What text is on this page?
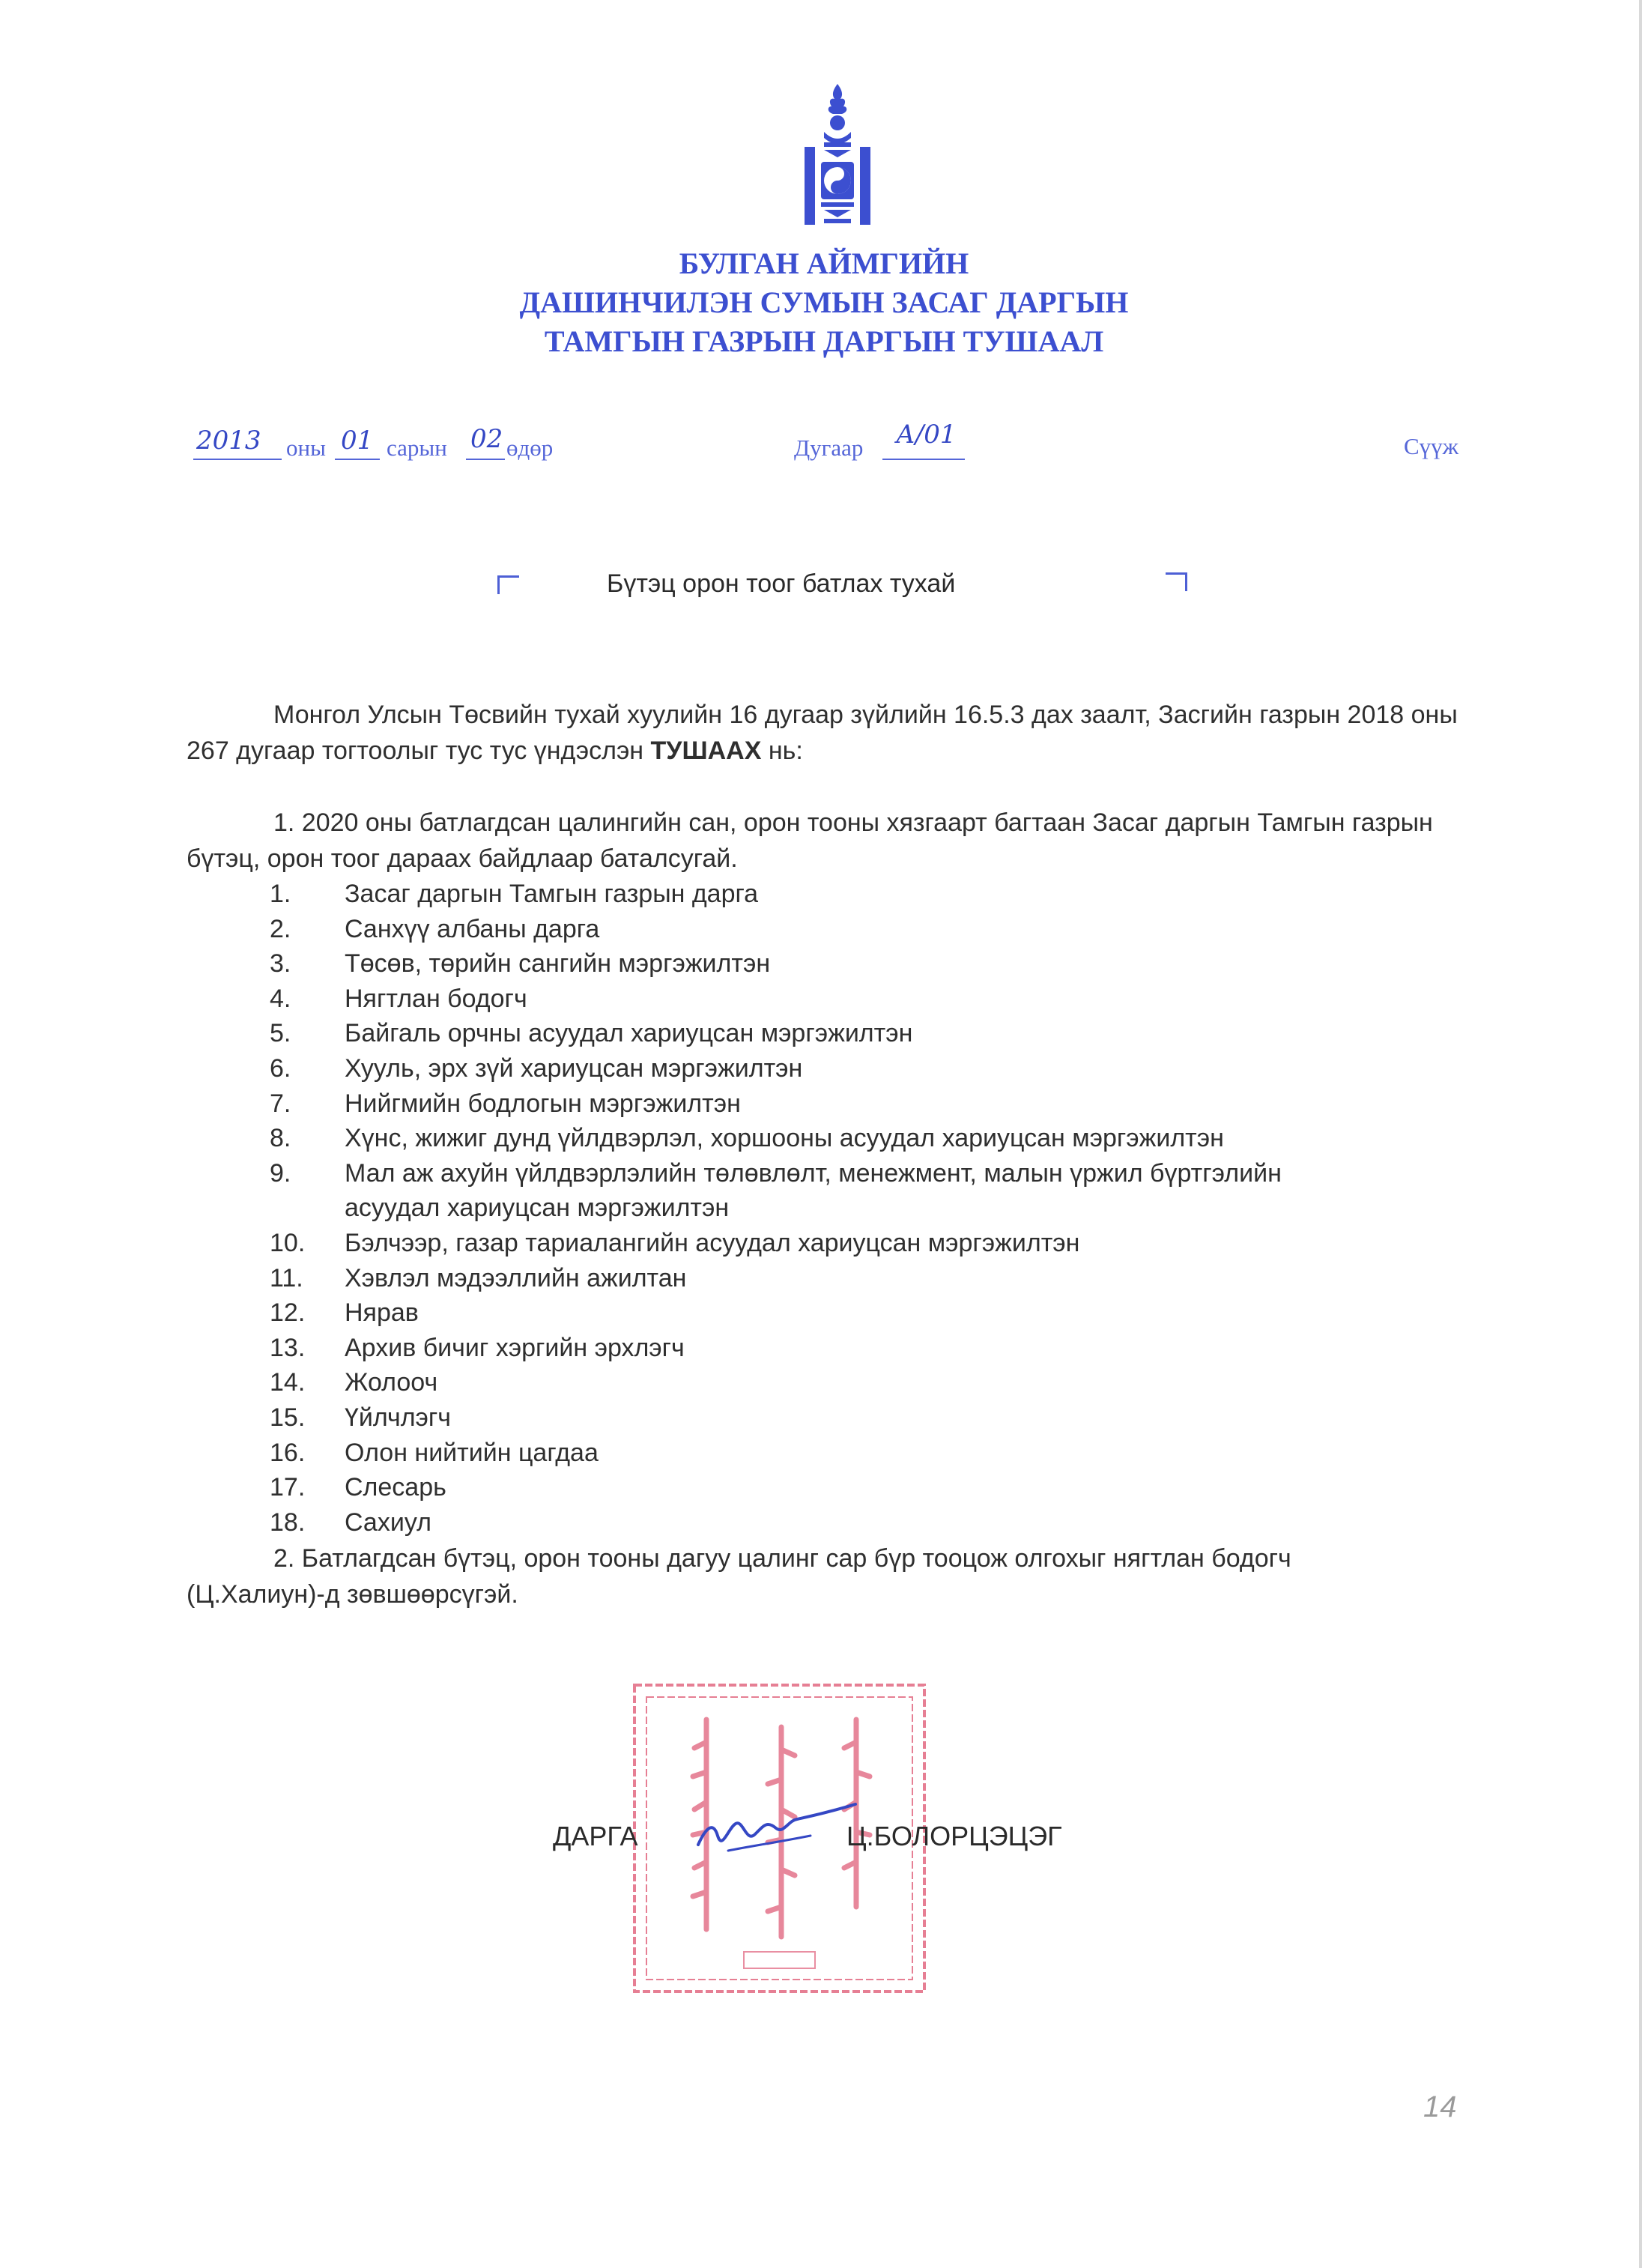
БУЛГАН АЙМГИЙН
ДАШИНЧИЛЭН СУМЫН ЗАСАГ ДАРГЫН
ТАМГЫН ГАЗРЫН ДАРГЫН ТУШААЛ
2013 оны 01 сарын 02 өдөр	Дугаар А/01	Сүүж
Бүтэц орон тоог батлах тухай
Монгол Улсын Төсвийн тухай хуулийн 16 дугаар зүйлийн 16.5.3 дах заалт, Засгийн газрын 2018 оны 267 дугаар тогтоолыг тус тус үндэслэн ТУШААХ нь:
1. 2020 оны батлагдсан цалингийн сан, орон тооны хязгаарт багтаан Засаг даргын Тамгын газрын бүтэц, орон тоог дараах байдлаар баталсугай.
1.	Засаг даргын Тамгын газрын дарга
2.	Санхүү албаны дарга
3.	Төсөв, төрийн сангийн мэргэжилтэн
4.	Нягтлан бодогч
5.	Байгаль орчны асуудал хариуцсан мэргэжилтэн
6.	Хууль, эрх зүй хариуцсан мэргэжилтэн
7.	Нийгмийн бодлогын мэргэжилтэн
8.	Хүнс, жижиг дунд үйлдвэрлэл, хоршооны асуудал хариуцсан мэргэжилтэн
9.	Мал аж ахуйн үйлдвэрлэлийн төлөвлөлт, менежмент, малын үржил бүртгэлийн асуудал хариуцсан мэргэжилтэн
10.	Бэлчээр, газар тариалангийн асуудал хариуцсан мэргэжилтэн
11.	Хэвлэл мэдээллийн ажилтан
12.	Нярав
13.	Архив бичиг хэргийн эрхлэгч
14.	Жолооч
15.	Үйлчлэгч
16.	Олон нийтийн цагдаа
17.	Слесарь
18.	Сахиул
2. Батлагдсан бүтэц, орон тооны дагуу цалинг сар бүр тооцож олгохыг нягтлан бодогч (Ц.Халиун)-д зөвшөөрсүгэй.
ДАРГА	Ц.БОЛОРЦЭЦЭГ
14
